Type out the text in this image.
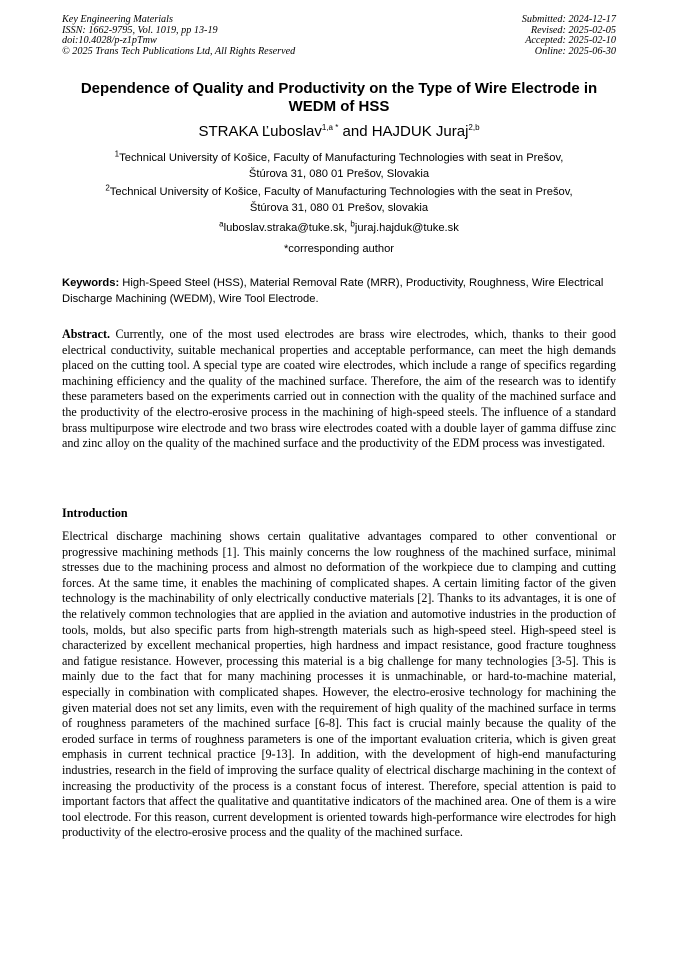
Key Engineering Materials
ISSN: 1662-9795, Vol. 1019, pp 13-19
doi:10.4028/p-z1pTmw
© 2025 Trans Tech Publications Ltd, All Rights Reserved
Submitted: 2024-12-17
Revised: 2025-02-05
Accepted: 2025-02-10
Online: 2025-06-30
Dependence of Quality and Productivity on the Type of Wire Electrode in WEDM of HSS
STRAKA Ľuboslav$^{1,a *}$ and HAJDUK Juraj$^{2,b}$
$^1$Technical University of Košice, Faculty of Manufacturing Technologies with seat in Prešov,
Štúrova 31, 080 01 Prešov, Slovakia
$^2$Technical University of Košice, Faculty of Manufacturing Technologies with the seat in Prešov,
Štúrova 31, 080 01 Prešov, slovakia
$^a$luboslav.straka@tuke.sk, $^b$juraj.hajduk@tuke.sk
*corresponding author
Keywords: High-Speed Steel (HSS), Material Removal Rate (MRR), Productivity, Roughness, Wire Electrical Discharge Machining (WEDM), Wire Tool Electrode.
Abstract. Currently, one of the most used electrodes are brass wire electrodes, which, thanks to their good electrical conductivity, suitable mechanical properties and acceptable performance, can meet the high demands placed on the cutting tool. A special type are coated wire electrodes, which include a range of specifics regarding machining efficiency and the quality of the machined surface. Therefore, the aim of the research was to identify these parameters based on the experiments carried out in connection with the quality of the machined surface and the productivity of the electro-erosive process in the machining of high-speed steels. The influence of a standard brass multipurpose wire electrode and two brass wire electrodes coated with a double layer of gamma diffuse zinc and zinc alloy on the quality of the machined surface and the productivity of the EDM process was investigated.
Introduction
Electrical discharge machining shows certain qualitative advantages compared to other conventional or progressive machining methods [1]. This mainly concerns the low roughness of the machined surface, minimal stresses due to the machining process and almost no deformation of the workpiece due to clamping and cutting forces. At the same time, it enables the machining of complicated shapes. A certain limiting factor of the given technology is the machinability of only electrically conductive materials [2]. Thanks to its advantages, it is one of the relatively common technologies that are applied in the aviation and automotive industries in the production of tools, molds, but also specific parts from high-strength materials such as high-speed steel. High-speed steel is characterized by excellent mechanical properties, high hardness and impact resistance, good fracture toughness and fatigue resistance. However, processing this material is a big challenge for many technologies [3-5]. This is mainly due to the fact that for many machining processes it is unmachinable, or hard-to-machine material, especially in combination with complicated shapes. However, the electro-erosive technology for machining the given material does not set any limits, even with the requirement of high quality of the machined surface in terms of roughness parameters of the machined surface [6-8]. This fact is crucial mainly because the quality of the eroded surface in terms of roughness parameters is one of the important evaluation criteria, which is given great emphasis in current technical practice [9-13]. In addition, with the development of high-end manufacturing industries, research in the field of improving the surface quality of electrical discharge machining in the context of increasing the productivity of the process is a constant focus of interest. Therefore, special attention is paid to important factors that affect the qualitative and quantitative indicators of the machined area. One of them is a wire tool electrode. For this reason, current development is oriented towards high-performance wire electrodes for high productivity of the electro-erosive process and the quality of the machined surface.
